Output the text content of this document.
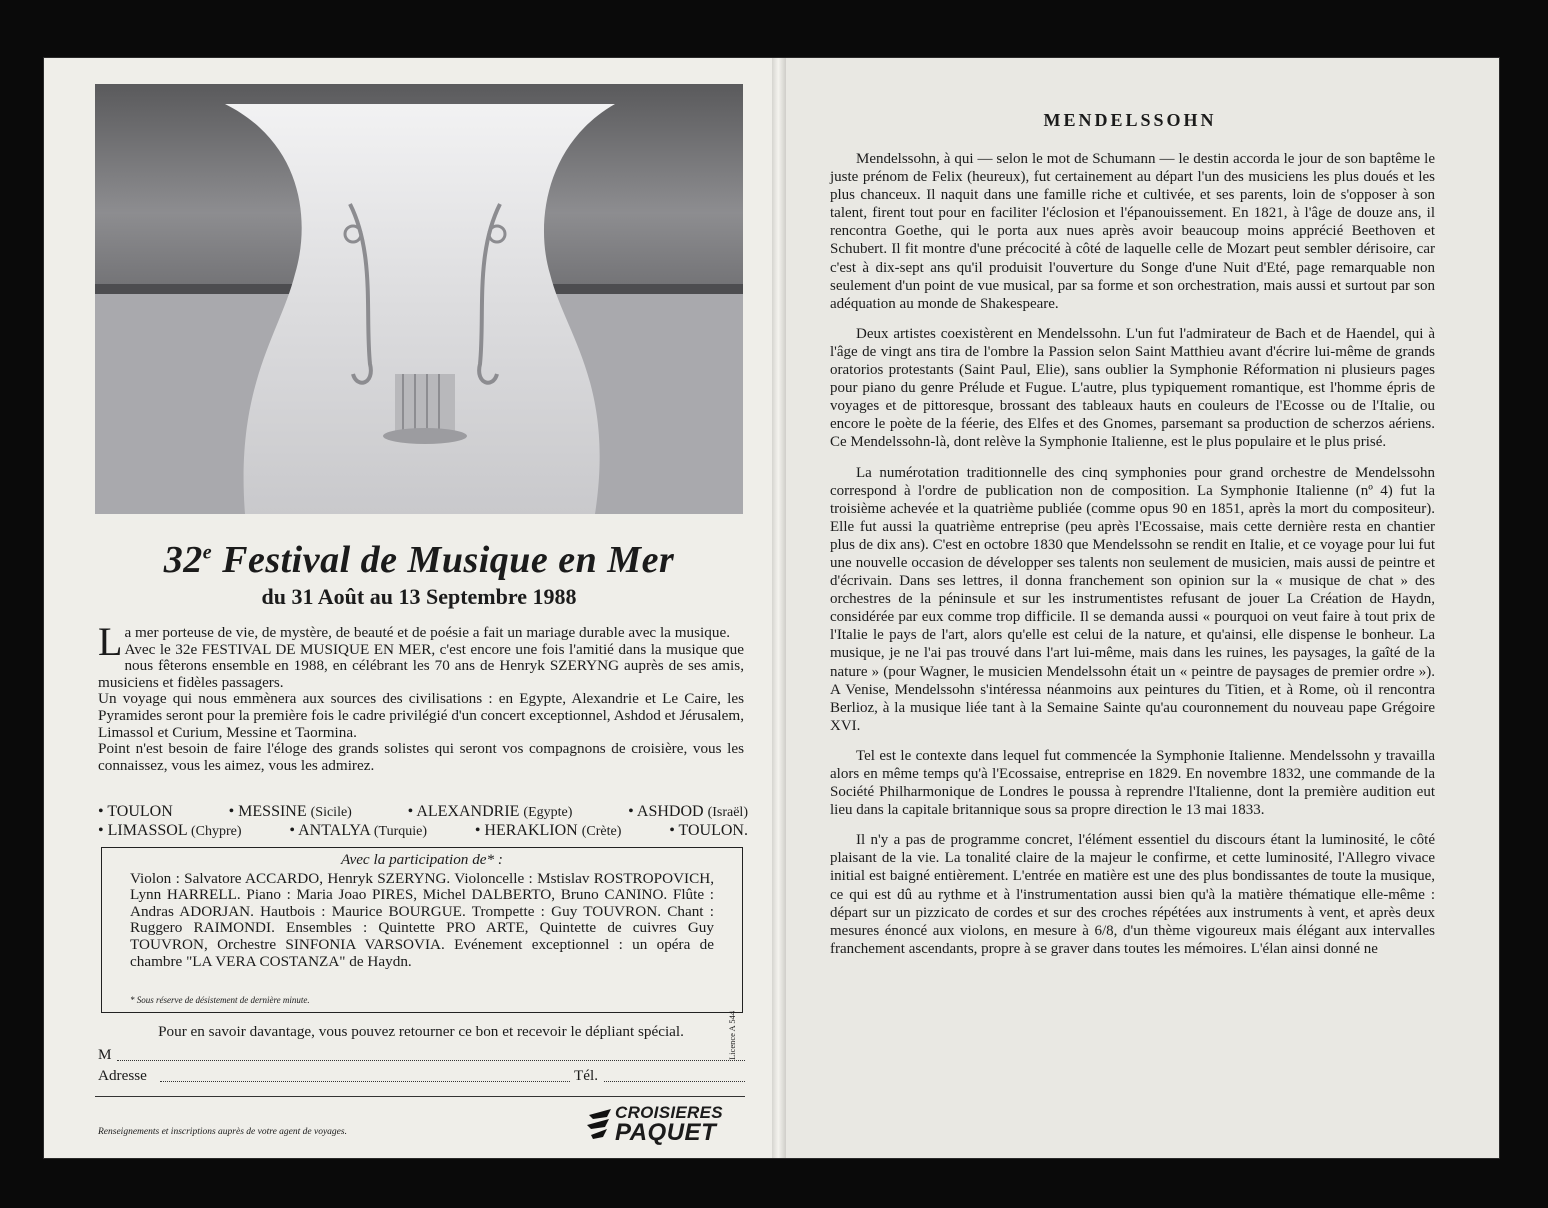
32e Festival de Musique en Mer
du 31 Août au 13 Septembre 1988

La mer porteuse de vie, de mystère, de beauté et de poésie a fait un mariage durable avec la musique.

Avec le 32e FESTIVAL DE MUSIQUE EN MER, c'est encore une fois l'amitié dans la musique que nous fêterons ensemble en 1988, en célébrant les 70 ans de Henryk SZERYNG auprès de ses amis, musiciens et fidèles passagers.

Un voyage qui nous emmènera aux sources des civilisations : en Egypte, Alexandrie et Le Caire, les Pyramides seront pour la première fois le cadre privilégié d'un concert exceptionnel, Ashdod et Jérusalem, Limassol et Curium, Messine et Taormina.

Point n'est besoin de faire l'éloge des grands solistes qui seront vos compagnons de croisière, vous les connaissez, vous les aimez, vous les admirez.

• TOULON	• MESSINE (Sicile)	• ALEXANDRIE (Egypte)	• ASHDOD (Israël)
• LIMASSOL (Chypre)	• ANTALYA (Turquie)	• HERAKLION (Crète)	• TOULON.
Avec la participation de* :
Violon : Salvatore ACCARDO, Henryk SZERYNG. Violoncelle : Mstislav ROSTROPOVICH, Lynn HARRELL. Piano : Maria Joao PIRES, Michel DALBERTO, Bruno CANINO. Flûte : Andras ADORJAN. Hautbois : Maurice BOURGUE. Trompette : Guy TOUVRON. Chant : Ruggero RAIMONDI. Ensembles : Quintette PRO ARTE, Quintette de cuivres Guy TOUVRON, Orchestre SINFONIA VARSOVIA. Evénement exceptionnel : un opéra de chambre "LA VERA COSTANZA" de Haydn.
* Sous réserve de désistement de dernière minute.
Licence A 544
Pour en savoir davantage, vous pouvez retourner ce bon et recevoir le dépliant spécial.
M
Adresse	Tél.
Renseignements et inscriptions auprès de votre agent de voyages.
CROISIERES
PAQUET
MENDELSSOHN

Mendelssohn, à qui — selon le mot de Schumann — le destin accorda le jour de son baptême le juste prénom de Felix (heureux), fut certainement au départ l'un des musiciens les plus doués et les plus chanceux. Il naquit dans une famille riche et cultivée, et ses parents, loin de s'opposer à son talent, firent tout pour en faciliter l'éclosion et l'épanouissement. En 1821, à l'âge de douze ans, il rencontra Goethe, qui le porta aux nues après avoir beaucoup moins apprécié Beethoven et Schubert. Il fit montre d'une précocité à côté de laquelle celle de Mozart peut sembler dérisoire, car c'est à dix-sept ans qu'il produisit l'ouverture du Songe d'une Nuit d'Eté, page remarquable non seulement d'un point de vue musical, par sa forme et son orchestration, mais aussi et surtout par son adéquation au monde de Shakespeare.

Deux artistes coexistèrent en Mendelssohn. L'un fut l'admirateur de Bach et de Haendel, qui à l'âge de vingt ans tira de l'ombre la Passion selon Saint Matthieu avant d'écrire lui-même de grands oratorios protestants (Saint Paul, Elie), sans oublier la Symphonie Réformation ni plusieurs pages pour piano du genre Prélude et Fugue. L'autre, plus typiquement romantique, est l'homme épris de voyages et de pittoresque, brossant des tableaux hauts en couleurs de l'Ecosse ou de l'Italie, ou encore le poète de la féerie, des Elfes et des Gnomes, parsemant sa production de scherzos aériens. Ce Mendelssohn-là, dont relève la Symphonie Italienne, est le plus populaire et le plus prisé.

La numérotation traditionnelle des cinq symphonies pour grand orchestre de Mendelssohn correspond à l'ordre de publication non de composition. La Symphonie Italienne (nº 4) fut la troisième achevée et la quatrième publiée (comme opus 90 en 1851, après la mort du compositeur). Elle fut aussi la quatrième entreprise (peu après l'Ecossaise, mais cette dernière resta en chantier plus de dix ans). C'est en octobre 1830 que Mendelssohn se rendit en Italie, et ce voyage pour lui fut une nouvelle occasion de développer ses talents non seulement de musicien, mais aussi de peintre et d'écrivain. Dans ses lettres, il donna franchement son opinion sur la « musique de chat » des orchestres de la péninsule et sur les instrumentistes refusant de jouer La Création de Haydn, considérée par eux comme trop difficile. Il se demanda aussi « pourquoi on veut faire à tout prix de l'Italie le pays de l'art, alors qu'elle est celui de la nature, et qu'ainsi, elle dispense le bonheur. La musique, je ne l'ai pas trouvé dans l'art lui-même, mais dans les ruines, les paysages, la gaîté de la nature » (pour Wagner, le musicien Mendelssohn était un « peintre de paysages de premier ordre »). A Venise, Mendelssohn s'intéressa néanmoins aux peintures du Titien, et à Rome, où il rencontra Berlioz, à la musique liée tant à la Semaine Sainte qu'au couronnement du nouveau pape Grégoire XVI.

Tel est le contexte dans lequel fut commencée la Symphonie Italienne. Mendelssohn y travailla alors en même temps qu'à l'Ecossaise, entreprise en 1829. En novembre 1832, une commande de la Société Philharmonique de Londres le poussa à reprendre l'Italienne, dont la première audition eut lieu dans la capitale britannique sous sa propre direction le 13 mai 1833.

Il n'y a pas de programme concret, l'élément essentiel du discours étant la luminosité, le côté plaisant de la vie. La tonalité claire de la majeur le confirme, et cette luminosité, l'Allegro vivace initial est baigné entièrement. L'entrée en matière est une des plus bondissantes de toute la musique, ce qui est dû au rythme et à l'instrumentation aussi bien qu'à la matière thématique elle-même : départ sur un pizzicato de cordes et sur des croches répétées aux instruments à vent, et après deux mesures énoncé aux violons, en mesure à 6/8, d'un thème vigoureux mais élégant aux intervalles franchement ascendants, propre à se graver dans toutes les mémoires. L'élan ainsi donné ne
